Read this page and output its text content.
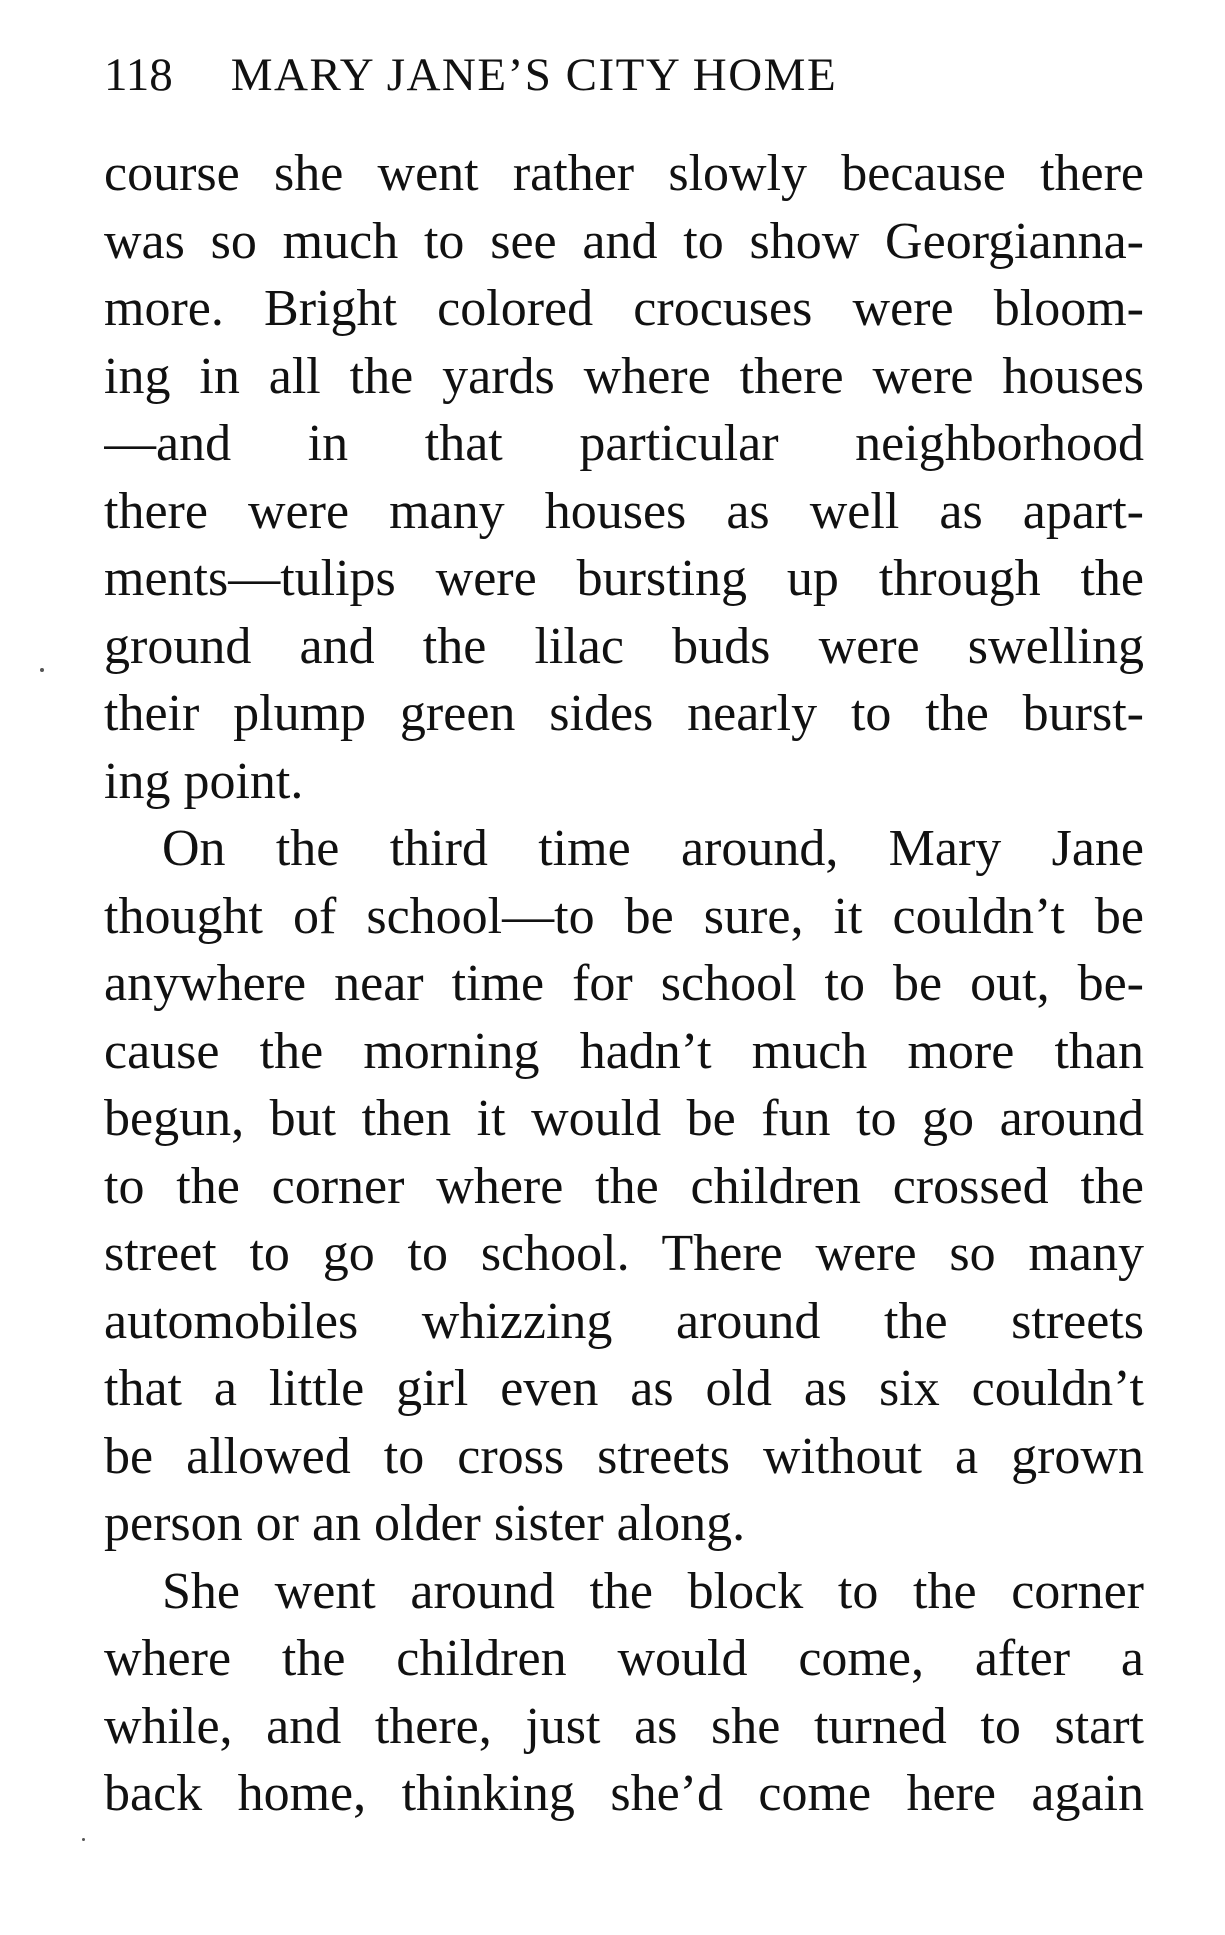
118 MARY JANE’S CITY HOME
course she went rather slowly because there
was so much to see and to show Georgianna-
more. Bright colored crocuses were bloom-
ing in all the yards where there were houses
—and in that particular neighborhood
there were many houses as well as apart-
ments—tulips were bursting up through the
ground and the lilac buds were swelling
their plump green sides nearly to the burst-
ing point.
On the third time around, Mary Jane
thought of school—to be sure, it couldn’t be
anywhere near time for school to be out, be-
cause the morning hadn’t much more than
begun, but then it would be fun to go around
to the corner where the children crossed the
street to go to school. There were so many
automobiles whizzing around the streets
that a little girl even as old as six couldn’t
be allowed to cross streets without a grown
person or an older sister along.
She went around the block to the corner
where the children would come, after a
while, and there, just as she turned to start
back home, thinking she’d come here again
